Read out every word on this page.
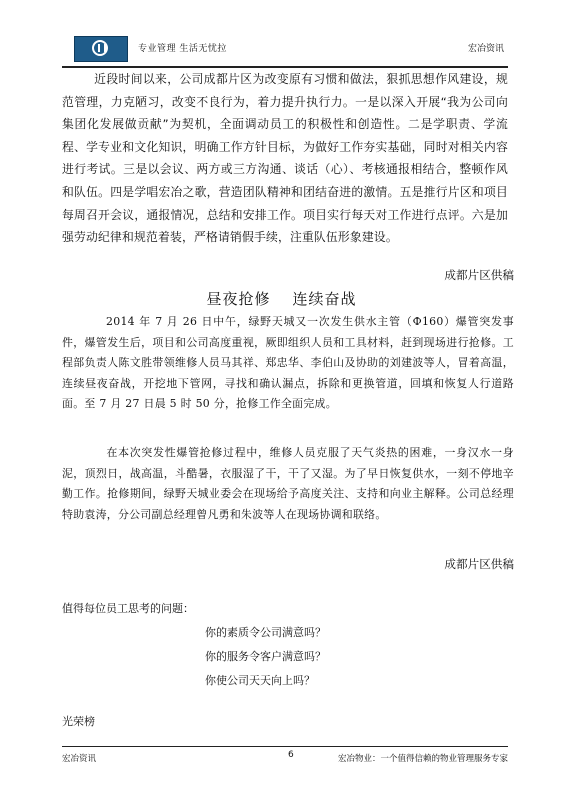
专业管理 生活无忧拉	宏冶资讯
近段时间以来，公司成都片区为改变原有习惯和做法，狠抓思想作风建设，规范管理，力克陋习，改变不良行为，着力提升执行力。一是以深入开展“我为公司向集团化发展做贡献”为契机，全面调动员工的积极性和创造性。二是学职责、学流程、学专业和文化知识，明确工作方针目标，为做好工作夯实基础，同时对相关内容进行考试。三是以会议、两方或三方沟通、谈话（心）、考核通报相结合，整顿作风和队伍。四是学唱宏冶之歌，营造团队精神和团结奋进的激情。五是推行片区和项目每周召开会议，通报情况，总结和安排工作。项目实行每天对工作进行点评。六是加强劳动纪律和规范着装，严格请销假手续，注重队伍形象建设。
成都片区供稿
昼夜抢修 连续奋战
2014 年 7 月 26 日中午，绿野天城又一次发生供水主管（Ф160）爆管突发事件，爆管发生后，项目和公司高度重视，厥即组织人员和工具材料，赶到现场进行抢修。工程部负责人陈文胜带领维修人员马其祥、郑忠华、李伯山及协助的刘建波等人，冒着高温，连续昼夜奋战，开挖地下管网，寻找和确认漏点，拆除和更换管道，回填和恢复人行道路面。至 7 月 27 日晨 5 时 50 分，抢修工作全面完成。
在本次突发性爆管抢修过程中，维修人员克服了天气炎热的困难，一身汉水一身泥，顶烈日，战高温，斗酷暑，衣服湿了干，干了又湿。为了早日恢复供水，一刻不停地辛勤工作。抢修期间，绿野天城业委会在现场给予高度关注、支持和向业主解释。公司总经理特助袁涛，分公司副总经理曾凡勇和朱波等人在现场协调和联络。
成都片区供稿
值得每位员工思考的问题：
你的素质令公司满意吗？
你的服务令客户满意吗？
你使公司天天向上吗？
光荣榜
宏冶资讯	6	宏冶物业：一个值得信赖的物业管理服务专家
